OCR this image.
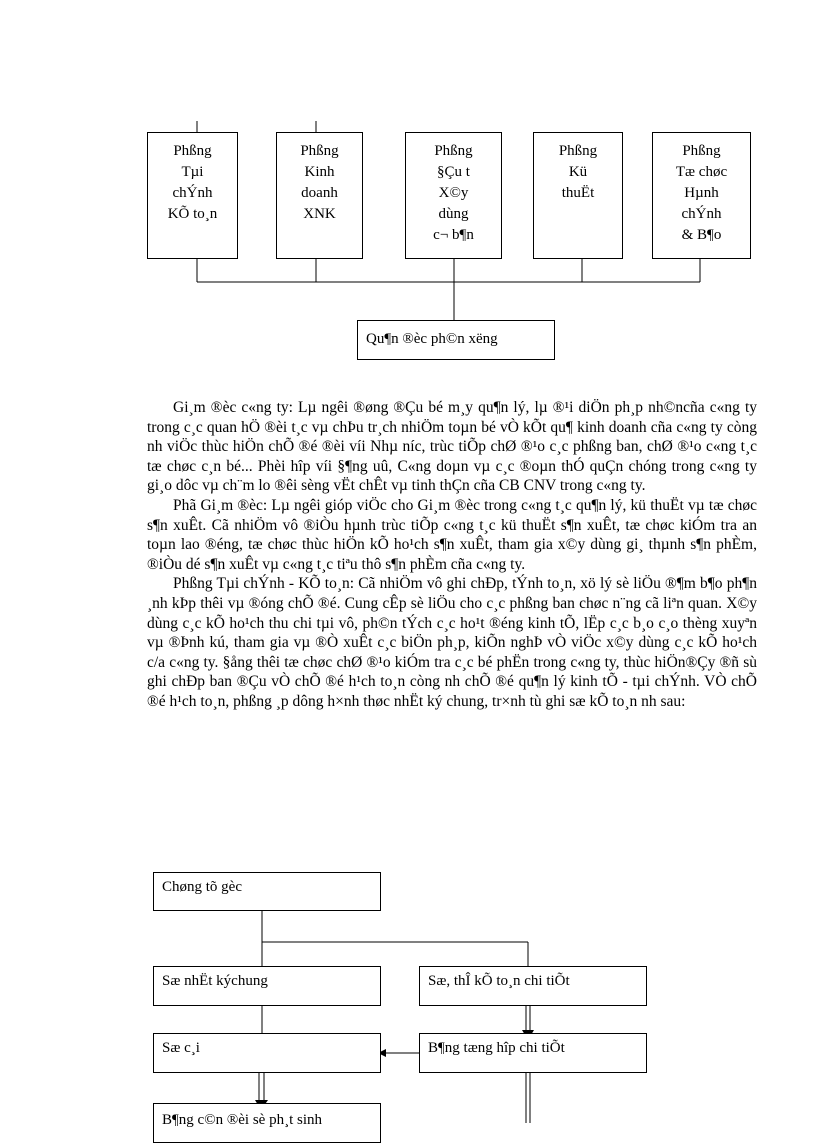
Phßng
Tµi
chÝnh
KÕ to¸n
Phßng
Kinh
doanh
XNK
Phßng
§Çu t
X©y
dùng
c¬ b¶n
Phßng
Kü
thuËt
Phßng
Tæ chøc
Hµnh
chÝnh
& B¶o
Qu¶n ®èc ph©n xëng

Gi¸m ®èc c«ng ty: Lµ ngêi ®øng ®Çu bé m¸y qu¶n lý, lµ ®¹i diÖn ph¸p nh©ncña c«ng ty trong c¸c quan hÖ ®èi t¸c vµ chÞu tr¸ch nhiÖm toµn bé vÒ kÕt qu¶ kinh doanh cña c«ng ty còng nh viÖc thùc hiÖn chÕ ®é ®èi víi Nhµ níc, trùc tiÕp chØ ®¹o c¸c phßng ban, chØ ®¹o c«ng t¸c tæ chøc c¸n bé... Phèi hîp víi §¶ng uû, C«ng doµn vµ c¸c ®oµn thÓ quÇn chóng trong c«ng ty gi¸o dôc vµ ch¨m lo ®êi sèng vËt chÊt vµ tinh thÇn cña CB CNV trong c«ng ty.

Phã Gi¸m ®èc: Lµ ngêi gióp viÖc cho Gi¸m ®èc trong c«ng t¸c qu¶n lý, kü thuËt vµ tæ chøc s¶n xuÊt. Cã nhiÖm vô ®iÒu hµnh trùc tiÕp c«ng t¸c kü thuËt s¶n xuÊt, tæ chøc kiÓm tra an toµn lao ®éng, tæ chøc thùc hiÖn kÕ ho¹ch s¶n xuÊt, tham gia x©y dùng gi¸ thµnh s¶n phÈm, ®iÒu dé s¶n xuÊt vµ c«ng t¸c tiªu thô s¶n phÈm cña c«ng ty.

Phßng Tµi chÝnh - KÕ to¸n: Cã nhiÖm vô ghi chÐp, tÝnh to¸n, xö lý sè liÖu ®¶m b¶o ph¶n ¸nh kÞp thêi vµ ®óng chÕ ®é. Cung cÊp sè liÖu cho c¸c phßng ban chøc n¨ng cã liªn quan. X©y dùng c¸c kÕ ho¹ch thu chi tµi vô, ph©n tÝch c¸c ho¹t ®éng kinh tÕ, lËp c¸c b¸o c¸o thèng xuyªn vµ ®Þnh kú, tham gia vµ ®Ò xuÊt c¸c biÖn ph¸p, kiÕn nghÞ vÒ viÖc x©y dùng c¸c kÕ ho¹ch c/a c«ng ty. §ång thêi tæ chøc chØ ®¹o kiÓm tra c¸c bé phËn trong c«ng ty, thùc hiÖn®Çy ®ñ sù ghi chÐp ban ®Çu vÒ chÕ ®é h¹ch to¸n còng nh chÕ ®é qu¶n lý kinh tÕ - tµi chÝnh. VÒ chÕ ®é h¹ch to¸n, phßng ¸p dông h×nh thøc nhËt ký chung, tr×nh tù ghi sæ kÕ to¸n nh sau:

Chøng tõ gèc
Sæ nhËt kýchung	Sæ, thÎ kÕ to¸n chi tiÕt
Sæ c¸i	B¶ng tæng hîp chi tiÕt
B¶ng c©n ®èi sè ph¸t sinh
